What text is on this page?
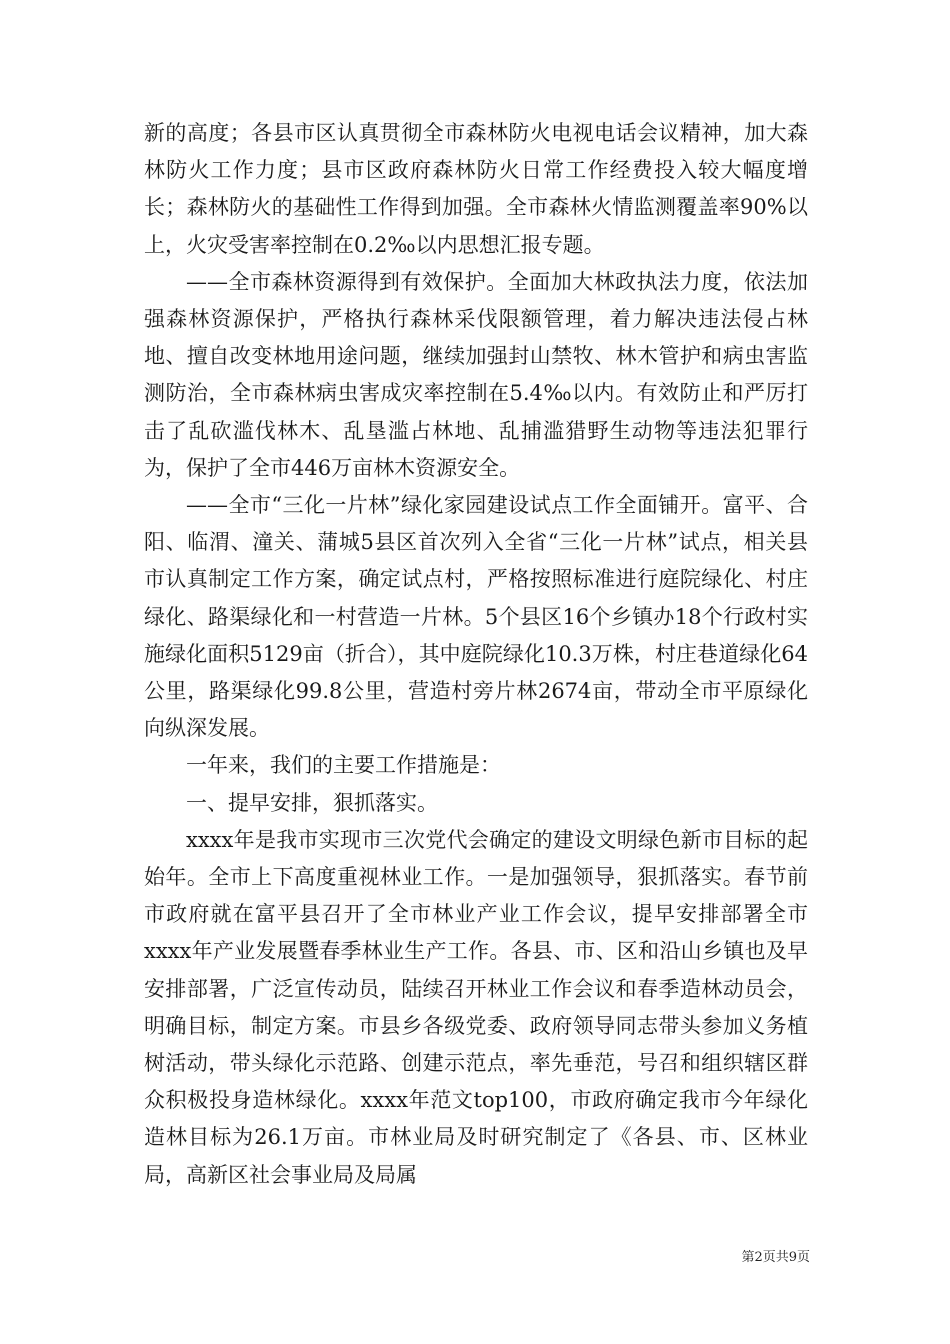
新的高度；各县市区认真贯彻全市森林防火电视电话会议精神，加大森林防火工作力度；县市区政府森林防火日常工作经费投入较大幅度增长；森林防火的基础性工作得到加强。全市森林火情监测覆盖率90%以上，火灾受害率控制在0.2‰以内思想汇报专题。

——全市森林资源得到有效保护。全面加大林政执法力度，依法加强森林资源保护，严格执行森林采伐限额管理，着力解决违法侵占林地、擅自改变林地用途问题，继续加强封山禁牧、林木管护和病虫害监测防治，全市森林病虫害成灾率控制在5.4‰以内。有效防止和严厉打击了乱砍滥伐林木、乱垦滥占林地、乱捕滥猎野生动物等违法犯罪行为，保护了全市446万亩林木资源安全。

——全市“三化一片林”绿化家园建设试点工作全面铺开。富平、合阳、临渭、潼关、蒲城5县区首次列入全省“三化一片林”试点，相关县市认真制定工作方案，确定试点村，严格按照标准进行庭院绿化、村庄绿化、路渠绿化和一村营造一片林。5个县区16个乡镇办18个行政村实施绿化面积5129亩（折合），其中庭院绿化10.3万株，村庄巷道绿化64公里，路渠绿化99.8公里，营造村旁片林2674亩，带动全市平原绿化向纵深发展。

一年来，我们的主要工作措施是：

一、提早安排，狠抓落实。

xxxx年是我市实现市三次党代会确定的建设文明绿色新市目标的起始年。全市上下高度重视林业工作。一是加强领导，狠抓落实。春节前市政府就在富平县召开了全市林业产业工作会议，提早安排部署全市xxxx年产业发展暨春季林业生产工作。各县、市、区和沿山乡镇也及早安排部署，广泛宣传动员，陆续召开林业工作会议和春季造林动员会，明确目标，制定方案。市县乡各级党委、政府领导同志带头参加义务植树活动，带头绿化示范路、创建示范点，率先垂范，号召和组织辖区群众积极投身造林绿化。xxxx年范文top100，市政府确定我市今年绿化造林目标为26.1万亩。市林业局及时研究制定了《各县、市、区林业局，高新区社会事业局及局属

第2页共9页
